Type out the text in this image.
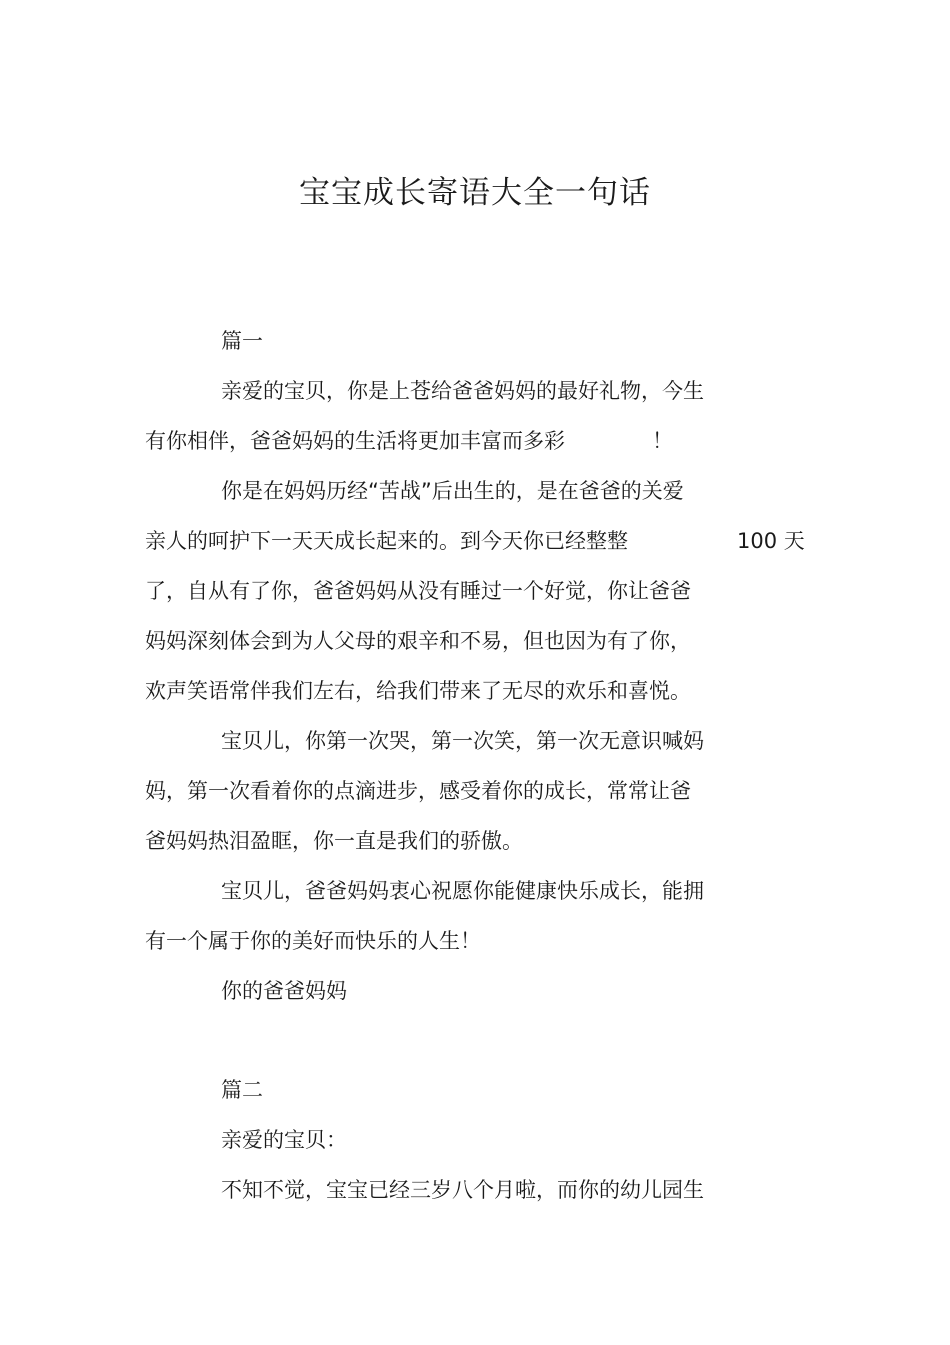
宝宝成长寄语大全一句话
篇一
亲爱的宝贝，你是上苍给爸爸妈妈的最好礼物，今生
有你相伴，爸爸妈妈的生活将更加丰富而多彩	！
你是在妈妈历经“苦战”后出生的，是在爸爸的关爱
亲人的呵护下一天天成长起来的。到今天你已经整整	100 天
了，自从有了你，爸爸妈妈从没有睡过一个好觉，你让爸爸
妈妈深刻体会到为人父母的艰辛和不易，但也因为有了你，
欢声笑语常伴我们左右，给我们带来了无尽的欢乐和喜悦。
宝贝儿，你第一次哭，第一次笑，第一次无意识喊妈
妈，第一次看着你的点滴进步，感受着你的成长，常常让爸
爸妈妈热泪盈眶，你一直是我们的骄傲。
宝贝儿，爸爸妈妈衷心祝愿你能健康快乐成长，能拥
有一个属于你的美好而快乐的人生！
你的爸爸妈妈
篇二
亲爱的宝贝：
不知不觉，宝宝已经三岁八个月啦，而你的幼儿园生
